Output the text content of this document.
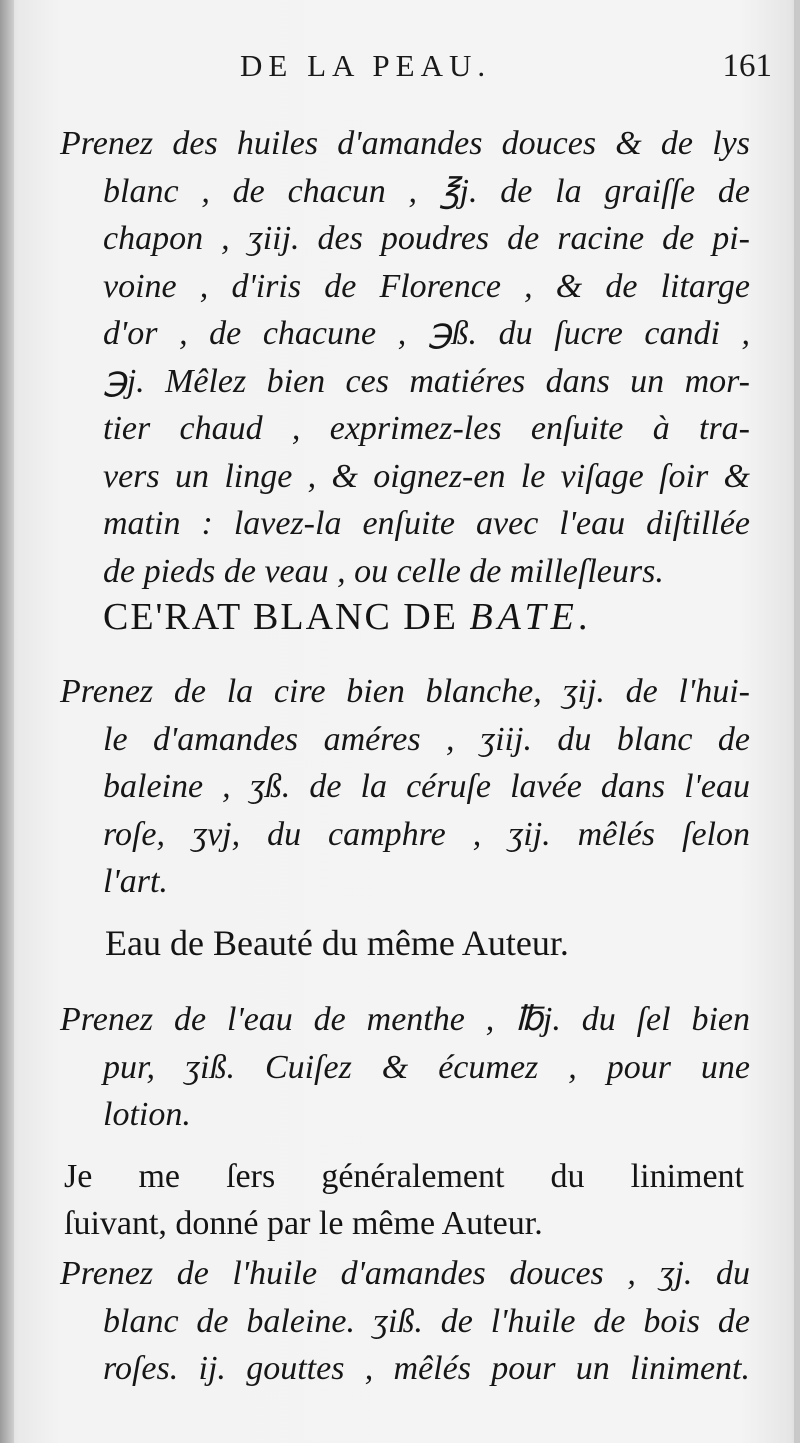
DE LA PEAU.	161
Prenez des huiles d'amandes douces & de lys
blanc , de chacun , ℥j. de la graiſſe de
chapon , ʒiij. des poudres de racine de pi-
voine , d'iris de Florence , & de litarge
d'or , de chacune , ℈ß. du ſucre candi ,
℈j. Mêlez bien ces matiéres dans un mor-
tier chaud , exprimez-les enſuite à tra-
vers un linge , & oignez-en le viſage ſoir &
matin : lavez-la enſuite avec l'eau diſtillée
de pieds de veau , ou celle de milleſleurs.
CE'RAT BLANC DE BATE.
Prenez de la cire bien blanche, ʒij. de l'hui-
le d'amandes améres , ʒiij. du blanc de
baleine , ʒß. de la céruſe lavée dans l'eau
roſe, ʒvj, du camphre , ʒij. mêlés ſelon
l'art.
Eau de Beauté du même Auteur.
Prenez de l'eau de menthe , ℔j. du ſel bien
pur, ʒiß. Cuiſez & écumez , pour une
lotion.
Je me ſers généralement du liniment
ſuivant, donné par le même Auteur.
Prenez de l'huile d'amandes douces , ʒj. du
blanc de baleine. ʒiß. de l'huile de bois de
roſes. ij. gouttes , mêlés pour un liniment.
